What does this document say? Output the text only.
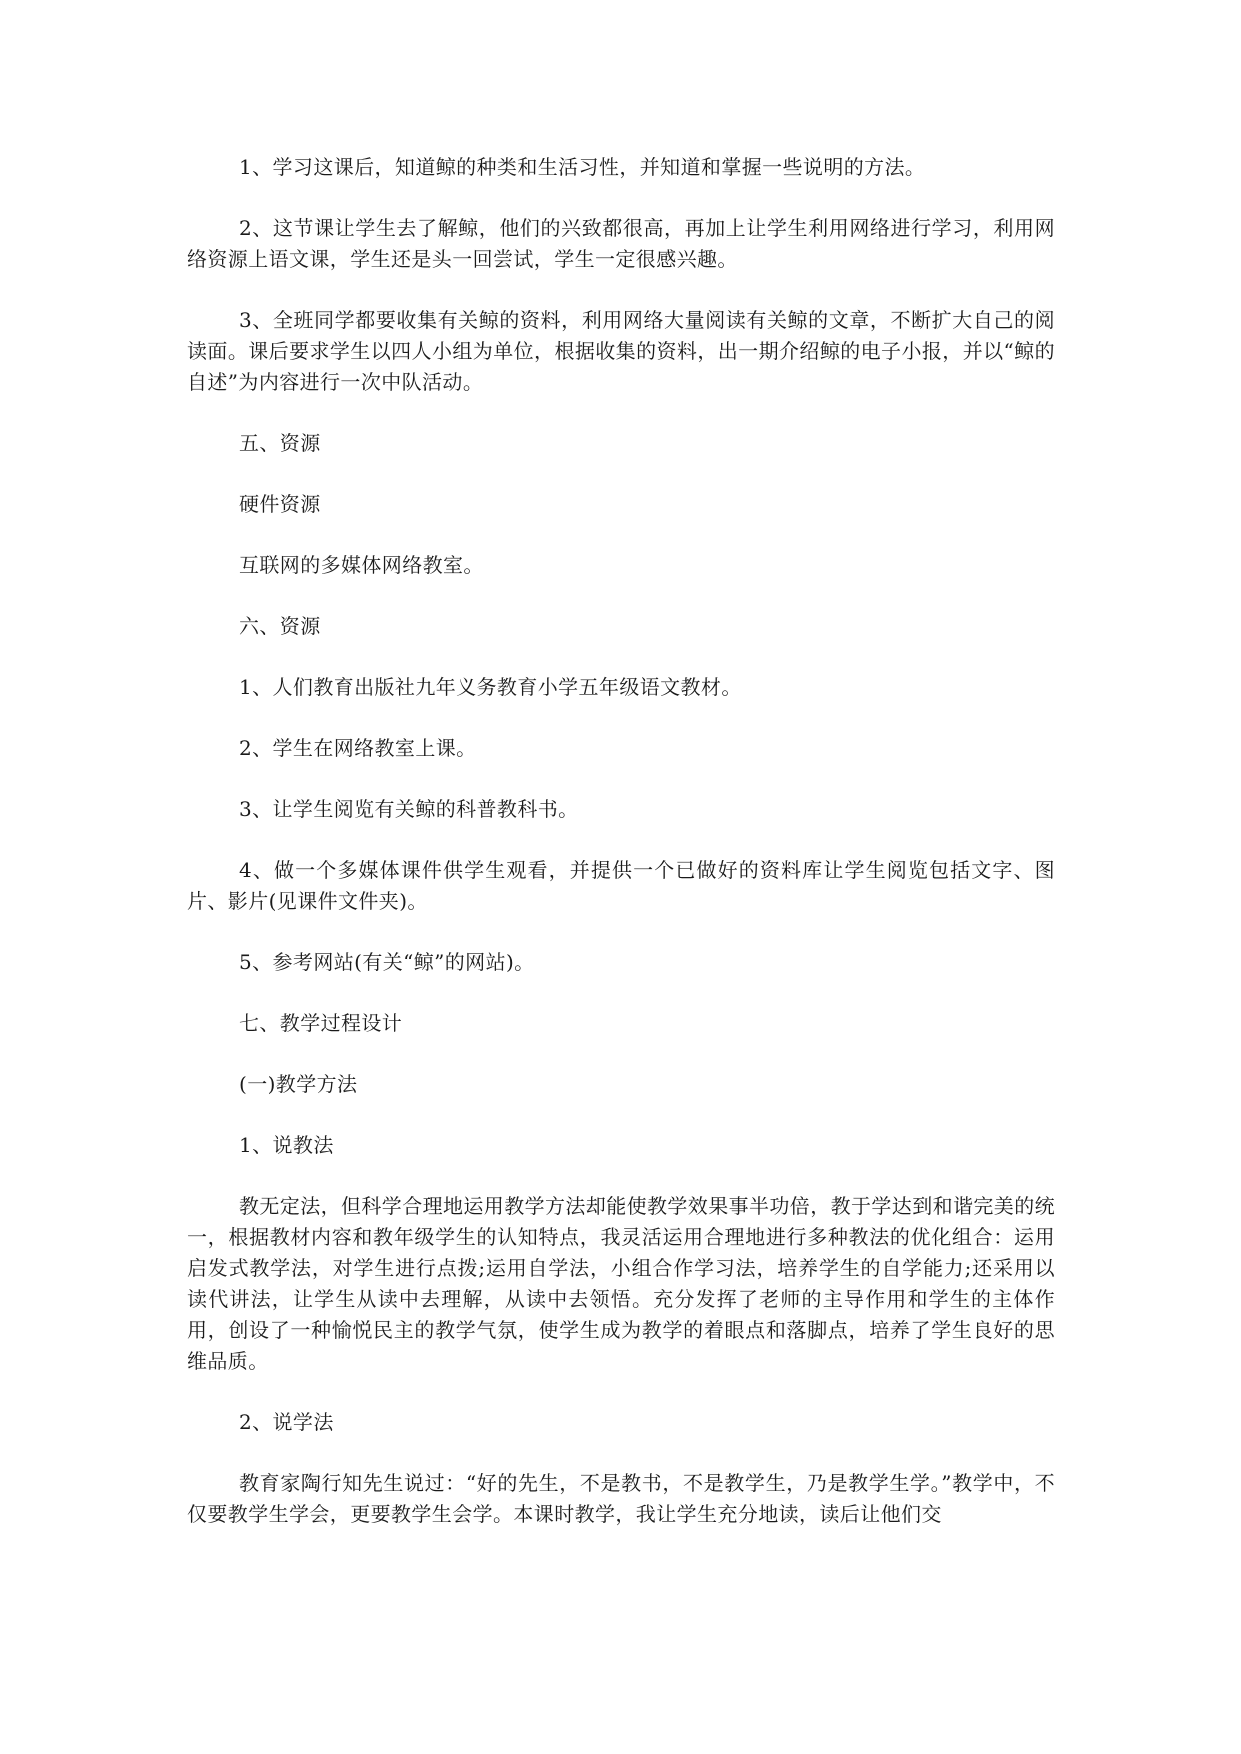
1、学习这课后，知道鲸的种类和生活习性，并知道和掌握一些说明的方法。

2、这节课让学生去了解鲸，他们的兴致都很高，再加上让学生利用网络进行学习，利用网络资源上语文课，学生还是头一回尝试，学生一定很感兴趣。

3、全班同学都要收集有关鲸的资料，利用网络大量阅读有关鲸的文章，不断扩大自己的阅读面。课后要求学生以四人小组为单位，根据收集的资料，出一期介绍鲸的电子小报，并以“鲸的自述”为内容进行一次中队活动。

五、资源

硬件资源

互联网的多媒体网络教室。

六、资源

1、人们教育出版社九年义务教育小学五年级语文教材。

2、学生在网络教室上课。

3、让学生阅览有关鲸的科普教科书。

4、做一个多媒体课件供学生观看，并提供一个已做好的资料库让学生阅览包括文字、图片、影片(见课件文件夹)。

5、参考网站(有关“鲸”的网站)。

七、教学过程设计

(一)教学方法

1、说教法

教无定法，但科学合理地运用教学方法却能使教学效果事半功倍，教于学达到和谐完美的统一，根据教材内容和教年级学生的认知特点，我灵活运用合理地进行多种教法的优化组合：运用启发式教学法，对学生进行点拨;运用自学法，小组合作学习法，培养学生的自学能力;还采用以读代讲法，让学生从读中去理解，从读中去领悟。充分发挥了老师的主导作用和学生的主体作用，创设了一种愉悦民主的教学气氛，使学生成为教学的着眼点和落脚点，培养了学生良好的思维品质。

2、说学法

教育家陶行知先生说过：“好的先生，不是教书，不是教学生，乃是教学生学。”教学中，不仅要教学生学会，更要教学生会学。本课时教学，我让学生充分地读，读后让他们交
